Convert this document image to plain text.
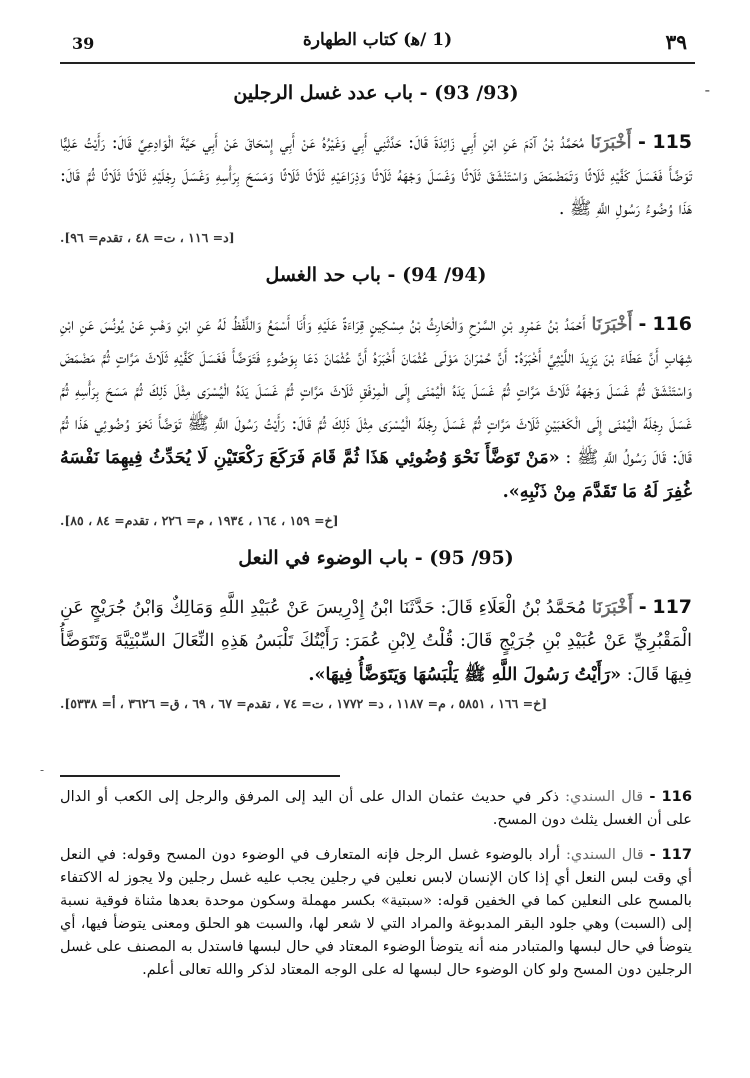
39	(1 /ﻫ) كتاب الطهارة	٣٩
-
(93/ 93) - باب عدد غسل الرجلين

115 - أَخْبَرَنَا مُحَمَّدُ بْنُ آدَمَ عَنِ ابْنِ أَبِي زَائِدَةَ قَالَ: حَدَّثَنِي أَبِي وَغَيْرُهُ عَنْ أَبِي إِسْحَاقَ عَنْ أَبِي حَيَّةَ الْوَادِعِيِّ قَالَ: رَأَيْتُ عَلِيًّا تَوَضَّأَ فَغَسَلَ كَفَّيْهِ ثَلَاثًا وَتَمَضْمَضَ وَاسْتَنْشَقَ ثَلَاثًا وَغَسَلَ وَجْهَهُ ثَلَاثًا وَذِرَاعَيْهِ ثَلَاثًا ثَلَاثًا وَمَسَحَ بِرَأْسِهِ وَغَسَلَ رِجْلَيْهِ ثَلَاثًا ثَلَاثًا ثُمَّ قَالَ: هَذَا وُضُوءُ رَسُولِ اللَّهِ ﷺ .

[د= ١١٦ ، ت= ٤٨ ، تقدم= ٩٦].
(94/ 94) - باب حد الغسل

116 - أَخْبَرَنَا أَحْمَدُ بْنُ عَمْرِو بْنِ السَّرْحِ وَالْحَارِثُ بْنُ مِسْكِينٍ قِرَاءَةً عَلَيْهِ وَأَنَا أَسْمَعُ وَاللَّفْظُ لَهُ عَنِ ابْنِ وَهْبٍ عَنْ يُونُسَ عَنِ ابْنِ شِهَابٍ أَنَّ عَطَاءَ بْنَ يَزِيدَ اللَّيْثِيَّ أَخْبَرَهُ: أَنَّ حُمْرَانَ مَوْلَى عُثْمَانَ أَخْبَرَهُ أَنَّ عُثْمَانَ دَعَا بِوَضُوءٍ فَتَوَضَّأَ فَغَسَلَ كَفَّيْهِ ثَلَاثَ مَرَّاتٍ ثُمَّ مَضْمَضَ وَاسْتَنْشَقَ ثُمَّ غَسَلَ وَجْهَهُ ثَلَاثَ مَرَّاتٍ ثُمَّ غَسَلَ يَدَهُ الْيُمْنَى إِلَى الْمِرْفَقِ ثَلَاثَ مَرَّاتٍ ثُمَّ غَسَلَ يَدَهُ الْيُسْرَى مِثْلَ ذَلِكَ ثُمَّ مَسَحَ بِرَأْسِهِ ثُمَّ غَسَلَ رِجْلَهُ الْيُمْنَى إِلَى الْكَعْبَيْنِ ثَلَاثَ مَرَّاتٍ ثُمَّ غَسَلَ رِجْلَهُ الْيُسْرَى مِثْلَ ذَلِكَ ثُمَّ قَالَ: رَأَيْتُ رَسُولَ اللَّهِ ﷺ تَوَضَّأَ نَحْوَ وُضُوئِي هَذَا ثُمَّ قَالَ: قَالَ رَسُولُ اللَّهِ ﷺ : «مَنْ تَوَضَّأَ نَحْوَ وُضُوئِي هَذَا ثُمَّ قَامَ فَرَكَعَ رَكْعَتَيْنِ لَا يُحَدِّثُ فِيهِمَا نَفْسَهُ غُفِرَ لَهُ مَا تَقَدَّمَ مِنْ ذَنْبِهِ».

[خ= ١٥٩ ، ١٦٤ ، ١٩٣٤ ، م= ٢٢٦ ، تقدم= ٨٤ ، ٨٥].
(95/ 95) - باب الوضوء في النعل

117 - أَخْبَرَنَا مُحَمَّدُ بْنُ الْعَلَاءِ قَالَ: حَدَّثَنَا ابْنُ إِدْرِيسَ عَنْ عُبَيْدِ اللَّهِ وَمَالِكٌ وَابْنُ جُرَيْجٍ عَنِ الْمَقْبُرِيِّ عَنْ عُبَيْدِ بْنِ جُرَيْجٍ قَالَ: قُلْتُ لِابْنِ عُمَرَ: رَأَيْتُكَ تَلْبَسُ هَذِهِ النِّعَالَ السِّبْتِيَّةَ وَتَتَوَضَّأُ فِيهَا قَالَ: «رَأَيْتُ رَسُولَ اللَّهِ ﷺ يَلْبَسُهَا وَيَتَوَضَّأُ فِيهَا».

[خ= ١٦٦ ، ٥٨٥١ ، م= ١١٨٧ ، د= ١٧٧٢ ، ت= ٧٤ ، تقدم= ٦٧ ، ٦٩ ، ق= ٣٦٢٦ ، أ= ٥٣٣٨].
-

116 - قال السندي: ذكر في حديث عثمان الدال على أن اليد إلى المرفق والرجل إلى الكعب أو الدال على أن الغسل يثلث دون المسح.

117 - قال السندي: أراد بالوضوء غسل الرجل فإنه المتعارف في الوضوء دون المسح وقوله: في النعل أي وقت لبس النعل أي إذا كان الإنسان لابس نعلين في رجلين يجب عليه غسل رجلين ولا يجوز له الاكتفاء بالمسح على النعلين كما في الخفين قوله: «سبتية» بكسر مهملة وسكون موحدة بعدها مثناة فوقية نسبة إلى (السبت) وهي جلود البقر المدبوغة والمراد التي لا شعر لها، والسبت هو الحلق ومعنى يتوضأ فيها، أي يتوضأ في حال لبسها والمتبادر منه أنه يتوضأ الوضوء المعتاد في حال لبسها فاستدل به المصنف على غسل الرجلين دون المسح ولو كان الوضوء حال لبسها له على الوجه المعتاد لذكر والله تعالى أعلم.
